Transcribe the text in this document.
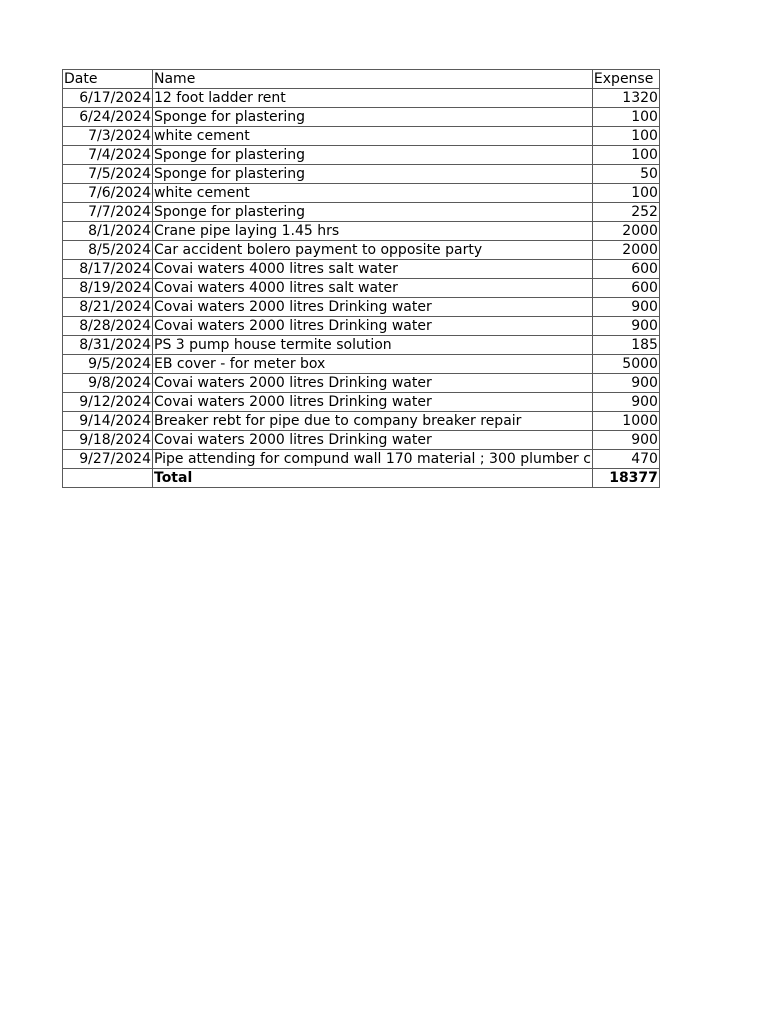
Date	Name	Expense
6/17/2024	12 foot ladder rent	1320
6/24/2024	Sponge for plastering	100
7/3/2024	white cement	100
7/4/2024	Sponge for plastering	100
7/5/2024	Sponge for plastering	50
7/6/2024	white cement	100
7/7/2024	Sponge for plastering	252
8/1/2024	Crane pipe laying 1.45 hrs	2000
8/5/2024	Car accident bolero payment to opposite party	2000
8/17/2024	Covai waters 4000 litres salt water	600
8/19/2024	Covai waters 4000 litres salt water	600
8/21/2024	Covai waters 2000 litres Drinking water	900
8/28/2024	Covai waters 2000 litres Drinking water	900
8/31/2024	PS 3 pump house termite solution	185
9/5/2024	EB cover - for meter box	5000
9/8/2024	Covai waters 2000 litres Drinking water	900
9/12/2024	Covai waters 2000 litres Drinking water	900
9/14/2024	Breaker rebt for pipe due to company breaker repair	1000
9/18/2024	Covai waters 2000 litres Drinking water	900
9/27/2024	Pipe attending for compund wall 170 material ; 300 plumber c	470
	Total	18377
